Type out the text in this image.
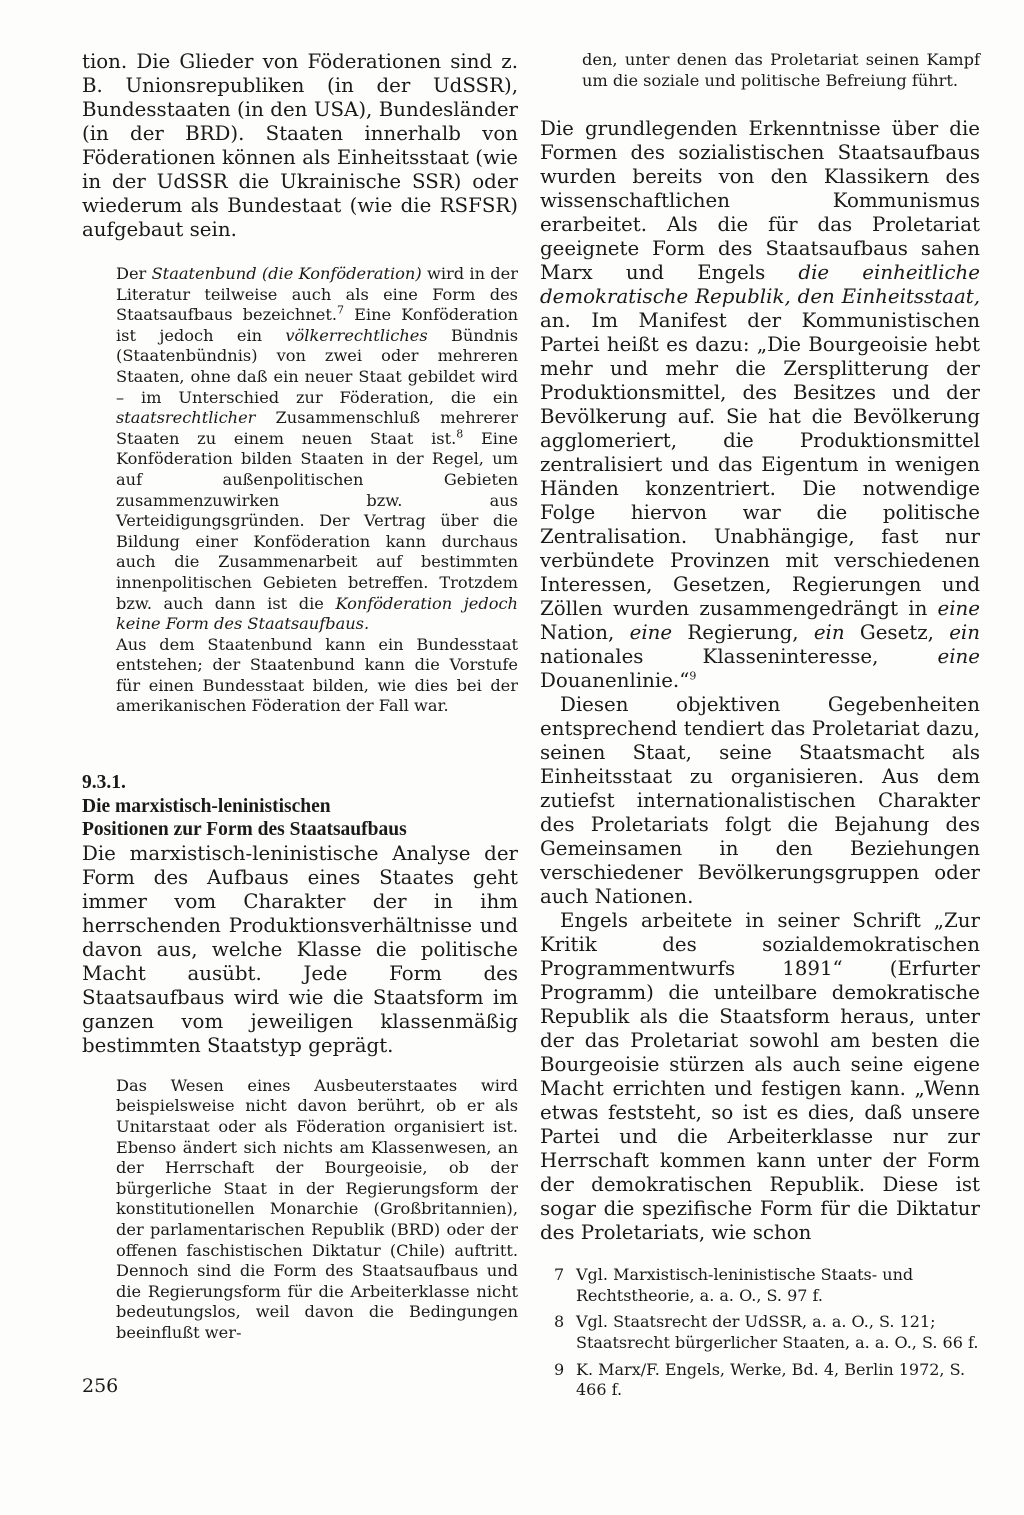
tion. Die Glieder von Föderationen sind z. B. Unionsrepubliken (in der UdSSR), Bundesstaaten (in den USA), Bundesländer (in der BRD). Staaten innerhalb von Föderationen können als Einheitsstaat (wie in der UdSSR die Ukrainische SSR) oder wiederum als Bundestaat (wie die RSFSR) aufgebaut sein.

Der Staatenbund (die Konföderation) wird in der Literatur teilweise auch als eine Form des Staatsaufbaus bezeichnet.$^7$ Eine Konföderation ist jedoch ein völkerrechtliches Bündnis (Staatenbündnis) von zwei oder mehreren Staaten, ohne daß ein neuer Staat gebildet wird – im Unterschied zur Föderation, die ein staatsrechtlicher Zusammenschluß mehrerer Staaten zu einem neuen Staat ist.$^8$ Eine Konföderation bilden Staaten in der Regel, um auf außenpolitischen Gebieten zusammenzuwirken bzw. aus Verteidigungsgründen. Der Vertrag über die Bildung einer Konföderation kann durchaus auch die Zusammenarbeit auf bestimmten innenpolitischen Gebieten betreffen. Trotzdem bzw. auch dann ist die Konföderation jedoch keine Form des Staatsaufbaus.

Aus dem Staatenbund kann ein Bundesstaat entstehen; der Staatenbund kann die Vorstufe für einen Bundesstaat bilden, wie dies bei der amerikanischen Föderation der Fall war.

9.3.1.
Die marxistisch-leninistischen
Positionen zur Form des Staatsaufbaus

Die marxistisch-leninistische Analyse der Form des Aufbaus eines Staates geht immer vom Charakter der in ihm herrschenden Produktionsverhältnisse und davon aus, welche Klasse die politische Macht ausübt. Jede Form des Staatsaufbaus wird wie die Staatsform im ganzen vom jeweiligen klassenmäßig bestimmten Staatstyp geprägt.

Das Wesen eines Ausbeuterstaates wird beispielsweise nicht davon berührt, ob er als Unitarstaat oder als Föderation organisiert ist. Ebenso ändert sich nichts am Klassenwesen, an der Herrschaft der Bourgeoisie, ob der bürgerliche Staat in der Regierungsform der konstitutionellen Monarchie (Großbritannien), der parlamentarischen Republik (BRD) oder der offenen faschistischen Diktatur (Chile) auftritt. Dennoch sind die Form des Staatsaufbaus und die Regierungsform für die Arbeiterklasse nicht bedeutungslos, weil davon die Bedingungen beeinflußt wer-

den, unter denen das Proletariat seinen Kampf um die soziale und politische Befreiung führt.

Die grundlegenden Erkenntnisse über die Formen des sozialistischen Staatsaufbaus wurden bereits von den Klassikern des wissenschaftlichen Kommunismus erarbeitet. Als die für das Proletariat geeignete Form des Staatsaufbaus sahen Marx und Engels die einheitliche demokratische Republik, den Einheitsstaat, an. Im Manifest der Kommunistischen Partei heißt es dazu: „Die Bourgeoisie hebt mehr und mehr die Zersplitterung der Produktionsmittel, des Besitzes und der Bevölkerung auf. Sie hat die Bevölkerung agglomeriert, die Produktionsmittel zentralisiert und das Eigentum in wenigen Händen konzentriert. Die notwendige Folge hiervon war die politische Zentralisation. Unabhängige, fast nur verbündete Provinzen mit verschiedenen Interessen, Gesetzen, Regierungen und Zöllen wurden zusammengedrängt in eine Nation, eine Regierung, ein Gesetz, ein nationales Klasseninteresse, eine Douanenlinie.“$^9$

Diesen objektiven Gegebenheiten entsprechend tendiert das Proletariat dazu, seinen Staat, seine Staatsmacht als Einheitsstaat zu organisieren. Aus dem zutiefst internationalistischen Charakter des Proletariats folgt die Bejahung des Gemeinsamen in den Beziehungen verschiedener Bevölkerungsgruppen oder auch Nationen.

Engels arbeitete in seiner Schrift „Zur Kritik des sozialdemokratischen Programmentwurfs 1891“ (Erfurter Programm) die unteilbare demokratische Republik als die Staatsform heraus, unter der das Proletariat sowohl am besten die Bourgeoisie stürzen als auch seine eigene Macht errichten und festigen kann. „Wenn etwas feststeht, so ist es dies, daß unsere Partei und die Arbeiterklasse nur zur Herrschaft kommen kann unter der Form der demokratischen Republik. Diese ist sogar die spezifische Form für die Diktatur des Proletariats, wie schon

7 Vgl. Marxistisch-leninistische Staats- und Rechtstheorie, a. a. O., S. 97 f.
8 Vgl. Staatsrecht der UdSSR, a. a. O., S. 121; Staatsrecht bürgerlicher Staaten, a. a. O., S. 66 f.
9 K. Marx/F. Engels, Werke, Bd. 4, Berlin 1972, S. 466 f.
256
